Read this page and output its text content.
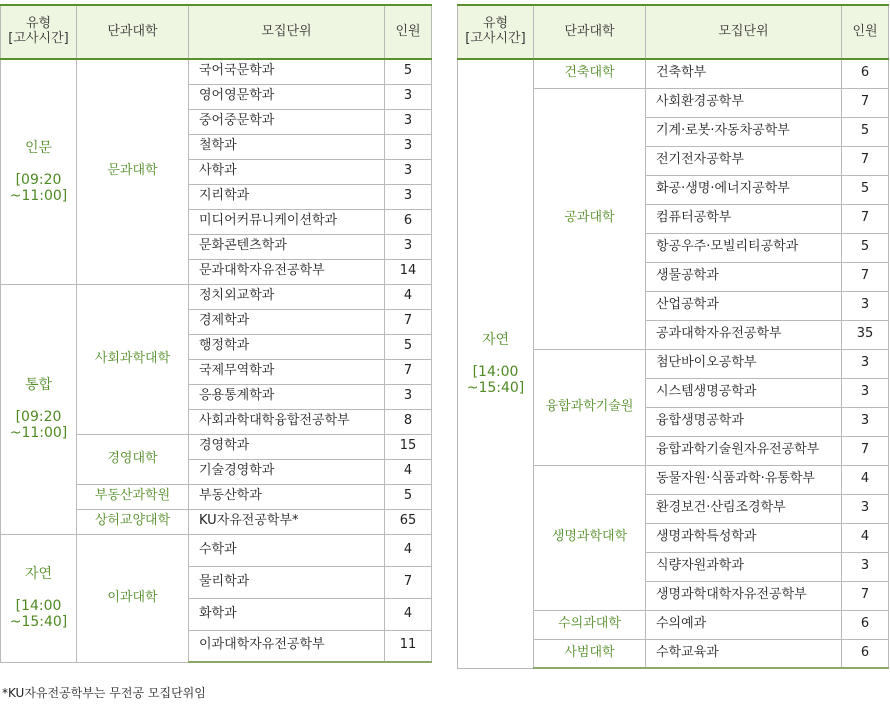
유형
[고사시간]	단과대학	모집단위	인원

인문
[09:20
~11:00]	문과대학	국어국문학과	5
		영어영문학과	3
		중어중문학과	3
		철학과	3
		사학과	3
		지리학과	3
		미디어커뮤니케이션학과	6
		문화콘텐츠학과	3
		문과대학자유전공학부	14

통합
[09:20
~11:00]	사회과학대학	정치외교학과	4
		경제학과	7
		행정학과	5
		국제무역학과	7
		응용통계학과	3
		사회과학대학융합전공학부	8
	경영대학	경영학과	15
		기술경영학과	4
	부동산과학원	부동산학과	5
	상허교양대학	KU자유전공학부*	65

자연
[14:00
~15:40]	이과대학	수학과	4
		물리학과	7
		화학과	4
		이과대학자유전공학부	11
유형
[고사시간]	단과대학	모집단위	인원

자연
[14:00
~15:40]	건축대학	건축학부	6
	공과대학	사회환경공학부	7
		기계·로봇·자동차공학부	5
		전기전자공학부	7
		화공·생명·에너지공학부	5
		컴퓨터공학부	7
		항공우주·모빌리티공학과	5
		생물공학과	7
		산업공학과	3
		공과대학자유전공학부	35
	융합과학기술원	첨단바이오공학부	3
		시스템생명공학과	3
		융합생명공학과	3
		융합과학기술원자유전공학부	7
	생명과학대학	동물자원·식품과학·유통학부	4
		환경보건·산림조경학부	3
		생명과학특성학과	4
		식량자원과학과	3
		생명과학대학자유전공학부	7
	수의과대학	수의예과	6
	사범대학	수학교육과	6
*KU자유전공학부는 무전공 모집단위임
